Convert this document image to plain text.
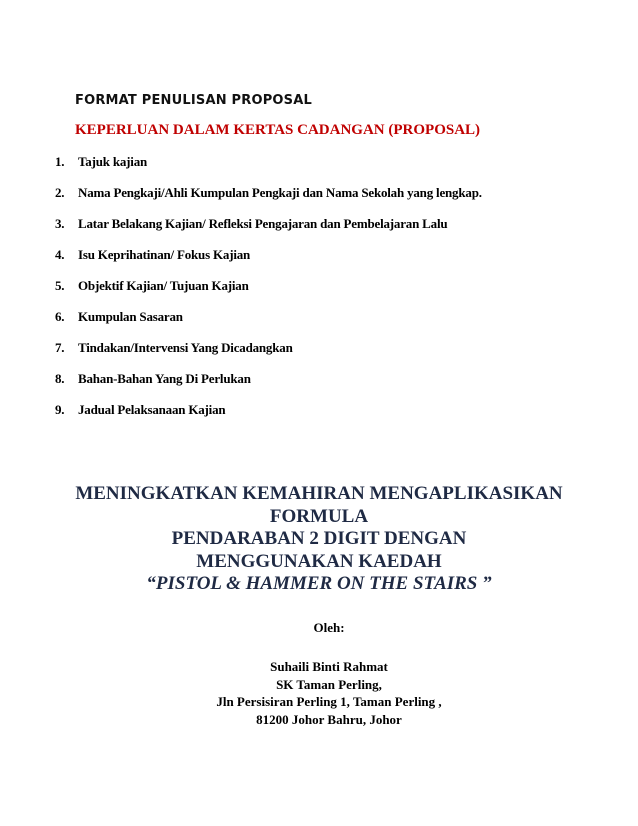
FORMAT PENULISAN PROPOSAL
KEPERLUAN DALAM KERTAS CADANGAN (PROPOSAL)
1. Tajuk kajian
2. Nama Pengkaji/Ahli Kumpulan Pengkaji dan Nama Sekolah yang lengkap.
3. Latar Belakang Kajian/ Refleksi Pengajaran dan Pembelajaran Lalu
4. Isu Keprihatinan/ Fokus Kajian
5. Objektif Kajian/ Tujuan Kajian
6. Kumpulan Sasaran
7. Tindakan/Intervensi Yang Dicadangkan
8. Bahan-Bahan Yang Di Perlukan
9. Jadual Pelaksanaan Kajian
MENINGKATKAN KEMAHIRAN MENGAPLIKASIKAN
FORMULA
PENDARABAN 2 DIGIT DENGAN
MENGGUNAKAN KAEDAH
“PISTOL & HAMMER ON THE STAIRS ”
Oleh:
Suhaili Binti Rahmat
SK Taman Perling,
Jln Persisiran Perling 1, Taman Perling ,
81200 Johor Bahru, Johor
